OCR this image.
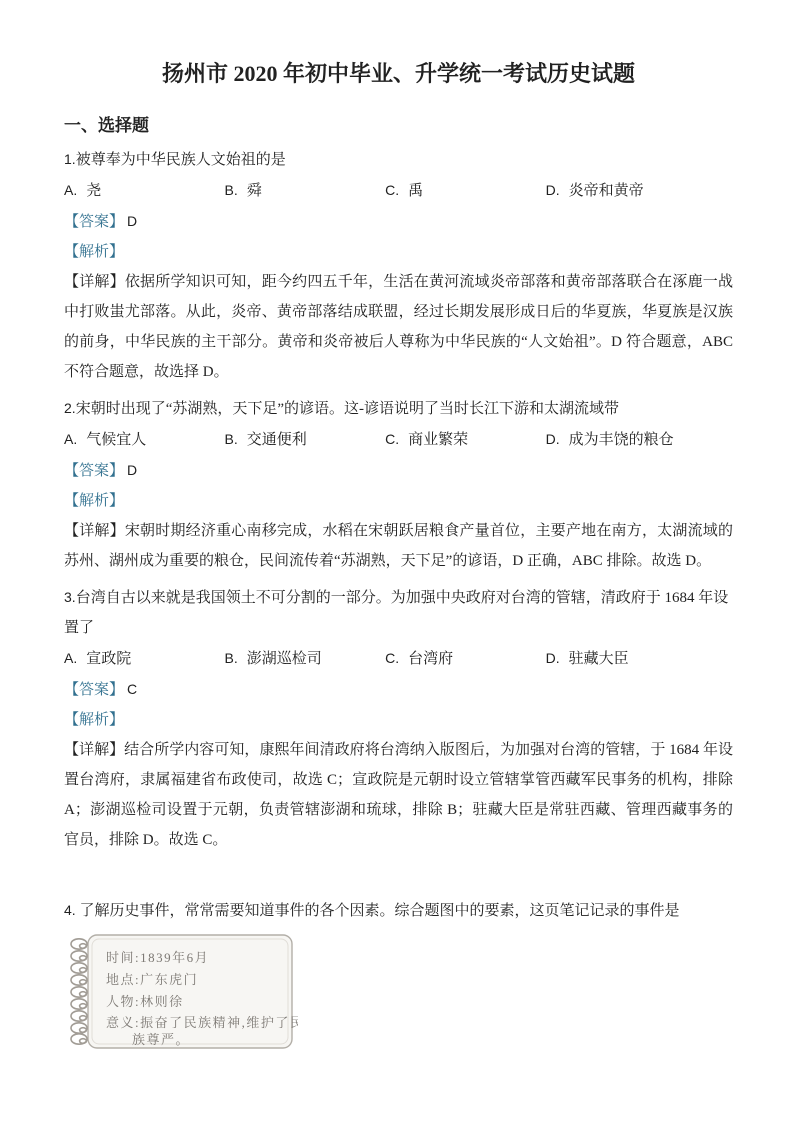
扬州市 2020 年初中毕业、升学统一考试历史试题

一、选择题

1.被尊奉为中华民族人文始祖的是

A. 尧	B. 舜	C. 禹	D. 炎帝和黄帝

【答案】 D

【解析】

【详解】依据所学知识可知，距今约四五千年，生活在黄河流域炎帝部落和黄帝部落联合在涿鹿一战中打败蚩尤部落。从此，炎帝、黄帝部落结成联盟，经过长期发展形成日后的华夏族，华夏族是汉族的前身，中华民族的主干部分。黄帝和炎帝被后人尊称为中华民族的“人文始祖”。D 符合题意，ABC 不符合题意，故选择 D。

2.宋朝时出现了“苏湖熟，天下足”的谚语。这-谚语说明了当时长江下游和太湖流域带

A. 气候宜人	B. 交通便利	C. 商业繁荣	D. 成为丰饶的粮仓

【答案】 D

【解析】

【详解】宋朝时期经济重心南移完成，水稻在宋朝跃居粮食产量首位，主要产地在南方，太湖流域的苏州、湖州成为重要的粮仓，民间流传着“苏湖熟，天下足”的谚语，D 正确，ABC 排除。故选 D。

3.台湾自古以来就是我国领土不可分割的一部分。为加强中央政府对台湾的管辖，清政府于 1684 年设置了

A. 宣政院	B. 澎湖巡检司	C. 台湾府	D. 驻藏大臣

【答案】 C

【解析】

【详解】结合所学内容可知，康熙年间清政府将台湾纳入版图后，为加强对台湾的管辖，于 1684 年设置台湾府，隶属福建省布政使司，故选 C；宣政院是元朝时设立管辖掌管西藏军民事务的机构，排除 A；澎湖巡检司设置于元朝，负责管辖澎湖和琉球，排除 B；驻藏大臣是常驻西藏、管理西藏事务的官员，排除 D。故选 C。

4. 了解历史事件，常常需要知道事件的各个因素。综合题图中的要素，这页笔记记录的事件是

时间:1839年6月
地点:广东虎门
人物:林则徐
意义:振奋了民族精神,维护了民
族尊严。
